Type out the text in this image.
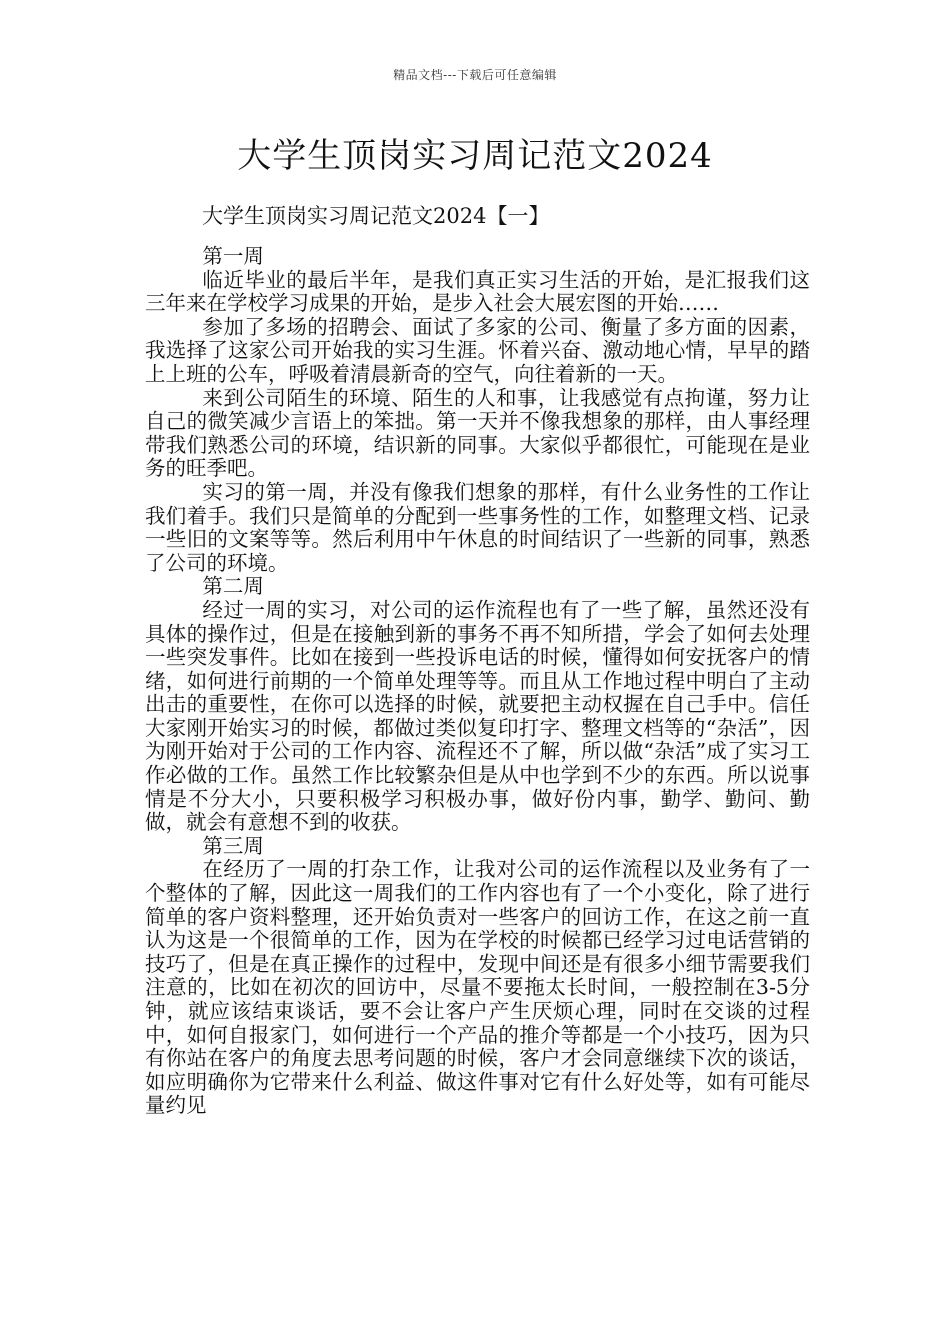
精品文档---下载后可任意编辑
大学生顶岗实习周记范文2024
大学生顶岗实习周记范文2024【一】

第一周

临近毕业的最后半年，是我们真正实习生活的开始，是汇报我们这三年来在学校学习成果的开始，是步入社会大展宏图的开始……

参加了多场的招聘会、面试了多家的公司、衡量了多方面的因素，我选择了这家公司开始我的实习生涯。怀着兴奋、激动地心情，早早的踏上上班的公车，呼吸着清晨新奇的空气，向往着新的一天。

来到公司陌生的环境、陌生的人和事，让我感觉有点拘谨，努力让自己的微笑减少言语上的笨拙。第一天并不像我想象的那样，由人事经理带我们熟悉公司的环境，结识新的同事。大家似乎都很忙，可能现在是业务的旺季吧。

实习的第一周，并没有像我们想象的那样，有什么业务性的工作让我们着手。我们只是简单的分配到一些事务性的工作，如整理文档、记录一些旧的文案等等。然后利用中午休息的时间结识了一些新的同事，熟悉了公司的环境。

第二周

经过一周的实习，对公司的运作流程也有了一些了解，虽然还没有具体的操作过，但是在接触到新的事务不再不知所措，学会了如何去处理一些突发事件。比如在接到一些投诉电话的时候，懂得如何安抚客户的情绪，如何进行前期的一个简单处理等等。而且从工作地过程中明白了主动出击的重要性，在你可以选择的时候，就要把主动权握在自己手中。信任大家刚开始实习的时候，都做过类似复印打字、整理文档等的“杂活”，因为刚开始对于公司的工作内容、流程还不了解，所以做“杂活”成了实习工作必做的工作。虽然工作比较繁杂但是从中也学到不少的东西。所以说事情是不分大小，只要积极学习积极办事，做好份内事，勤学、勤问、勤做，就会有意想不到的收获。

第三周

在经历了一周的打杂工作，让我对公司的运作流程以及业务有了一个整体的了解，因此这一周我们的工作内容也有了一个小变化，除了进行简单的客户资料整理，还开始负责对一些客户的回访工作，在这之前一直认为这是一个很简单的工作，因为在学校的时候都已经学习过电话营销的技巧了，但是在真正操作的过程中，发现中间还是有很多小细节需要我们注意的，比如在初次的回访中，尽量不要拖太长时间，一般控制在3-5分钟，就应该结束谈话，要不会让客户产生厌烦心理，同时在交谈的过程中，如何自报家门，如何进行一个产品的推介等都是一个小技巧，因为只有你站在客户的角度去思考问题的时候，客户才会同意继续下次的谈话，如应明确你为它带来什么利益、做这件事对它有什么好处等，如有可能尽量约见
